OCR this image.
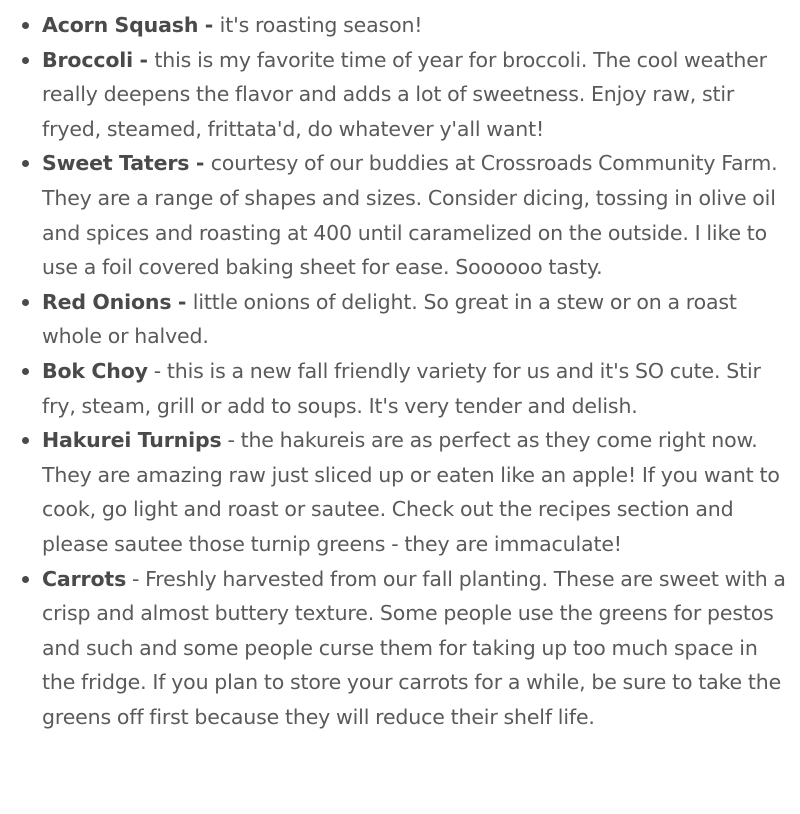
Acorn Squash - it's roasting season!
Broccoli - this is my favorite time of year for broccoli. The cool weather really deepens the flavor and adds a lot of sweetness. Enjoy raw, stir fryed, steamed, frittata'd, do whatever y'all want!
Sweet Taters - courtesy of our buddies at Crossroads Community Farm. They are a range of shapes and sizes. Consider dicing, tossing in olive oil and spices and roasting at 400 until caramelized on the outside. I like to use a foil covered baking sheet for ease. Soooooo tasty.
Red Onions - little onions of delight. So great in a stew or on a roast whole or halved.
Bok Choy - this is a new fall friendly variety for us and it's SO cute. Stir fry, steam, grill or add to soups. It's very tender and delish.
Hakurei Turnips - the hakureis are as perfect as they come right now. They are amazing raw just sliced up or eaten like an apple! If you want to cook, go light and roast or sautee. Check out the recipes section and please sautee those turnip greens - they are immaculate!
Carrots - Freshly harvested from our fall planting. These are sweet with a crisp and almost buttery texture. Some people use the greens for pestos and such and some people curse them for taking up too much space in the fridge. If you plan to store your carrots for a while, be sure to take the greens off first because they will reduce their shelf life.
